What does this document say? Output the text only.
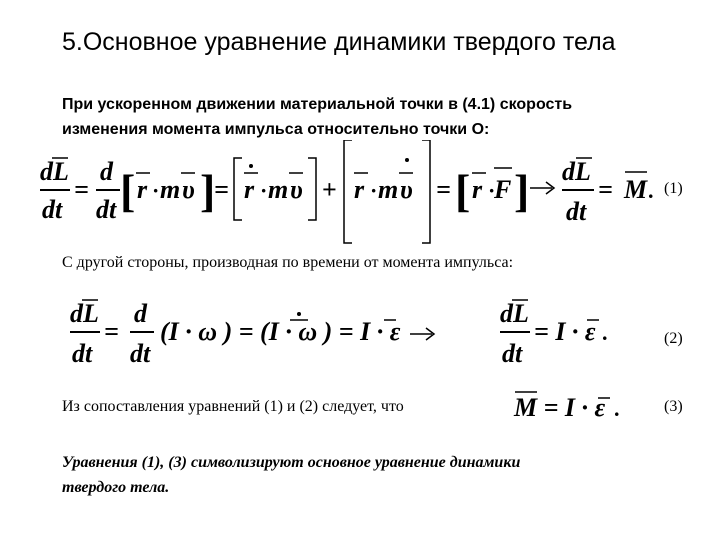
5.Основное уравнение динамики твердого тела
При ускоренном движении материальной точки в (4.1) скорость
изменения момента импульса относительно точки О:
dL
dt
=
d
dt [ r · m υ ]
= r · m υ + r · m υ = [ r ·
F ] dL
dt
= M . (1)
С другой стороны, производная по времени от момента импульса:
dL
dt
=
d
dt
(I · ω ) = (I · ω ) = I · ε
dL
dt
= I · ε .	(2)
Из сопоставления уравнений (1) и (2) следует, что	M = I · ε .	(3)
Уравнения (1), (3) символизируют основное уравнение динамики
твердого тела.
